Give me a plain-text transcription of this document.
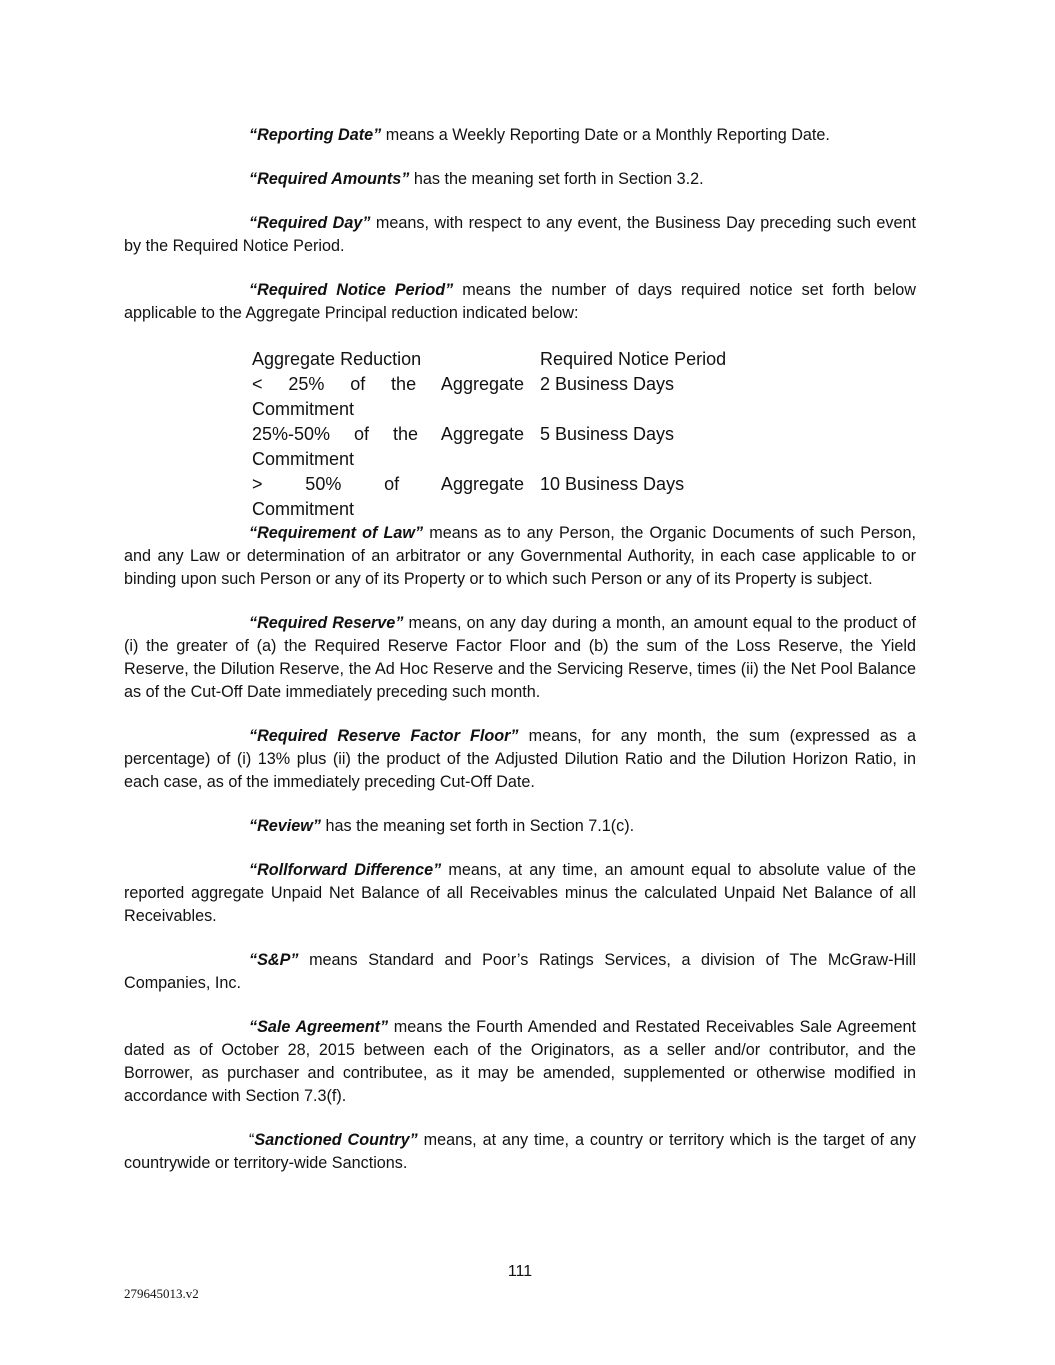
“Reporting Date” means a Weekly Reporting Date or a Monthly Reporting Date.

“Required Amounts” has the meaning set forth in Section 3.2.

“Required Day” means, with respect to any event, the Business Day preceding such event by the Required Notice Period.

“Required Notice Period” means the number of days required notice set forth below applicable to the Aggregate Principal reduction indicated below:

Aggregate Reduction	Required Notice Period

< 25% of the Aggregate
Commitment	2 Business Days

25%-50% of the Aggregate
Commitment	5 Business Days

> 50% of Aggregate
Commitment	10 Business Days

“Requirement of Law” means as to any Person, the Organic Documents of such Person, and any Law or determination of an arbitrator or any Governmental Authority, in each case applicable to or binding upon such Person or any of its Property or to which such Person or any of its Property is subject.

“Required Reserve” means, on any day during a month, an amount equal to the product of (i) the greater of (a) the Required Reserve Factor Floor and (b) the sum of the Loss Reserve, the Yield Reserve, the Dilution Reserve, the Ad Hoc Reserve and the Servicing Reserve, times (ii) the Net Pool Balance as of the Cut-Off Date immediately preceding such month.

“Required Reserve Factor Floor” means, for any month, the sum (expressed as a percentage) of (i) 13% plus (ii) the product of the Adjusted Dilution Ratio and the Dilution Horizon Ratio, in each case, as of the immediately preceding Cut-Off Date.

“Review” has the meaning set forth in Section 7.1(c).

“Rollforward Difference” means, at any time, an amount equal to absolute value of the reported aggregate Unpaid Net Balance of all Receivables minus the calculated Unpaid Net Balance of all Receivables.

“S&P” means Standard and Poor’s Ratings Services, a division of The McGraw-Hill Companies, Inc.

“Sale Agreement” means the Fourth Amended and Restated Receivables Sale Agreement dated as of October 28, 2015 between each of the Originators, as a seller and/or contributor, and the Borrower, as purchaser and contributee, as it may be amended, supplemented or otherwise modified in accordance with Section 7.3(f).

“Sanctioned Country” means, at any time, a country or territory which is the target of any countrywide or territory-wide Sanctions.

111
279645013.v2
